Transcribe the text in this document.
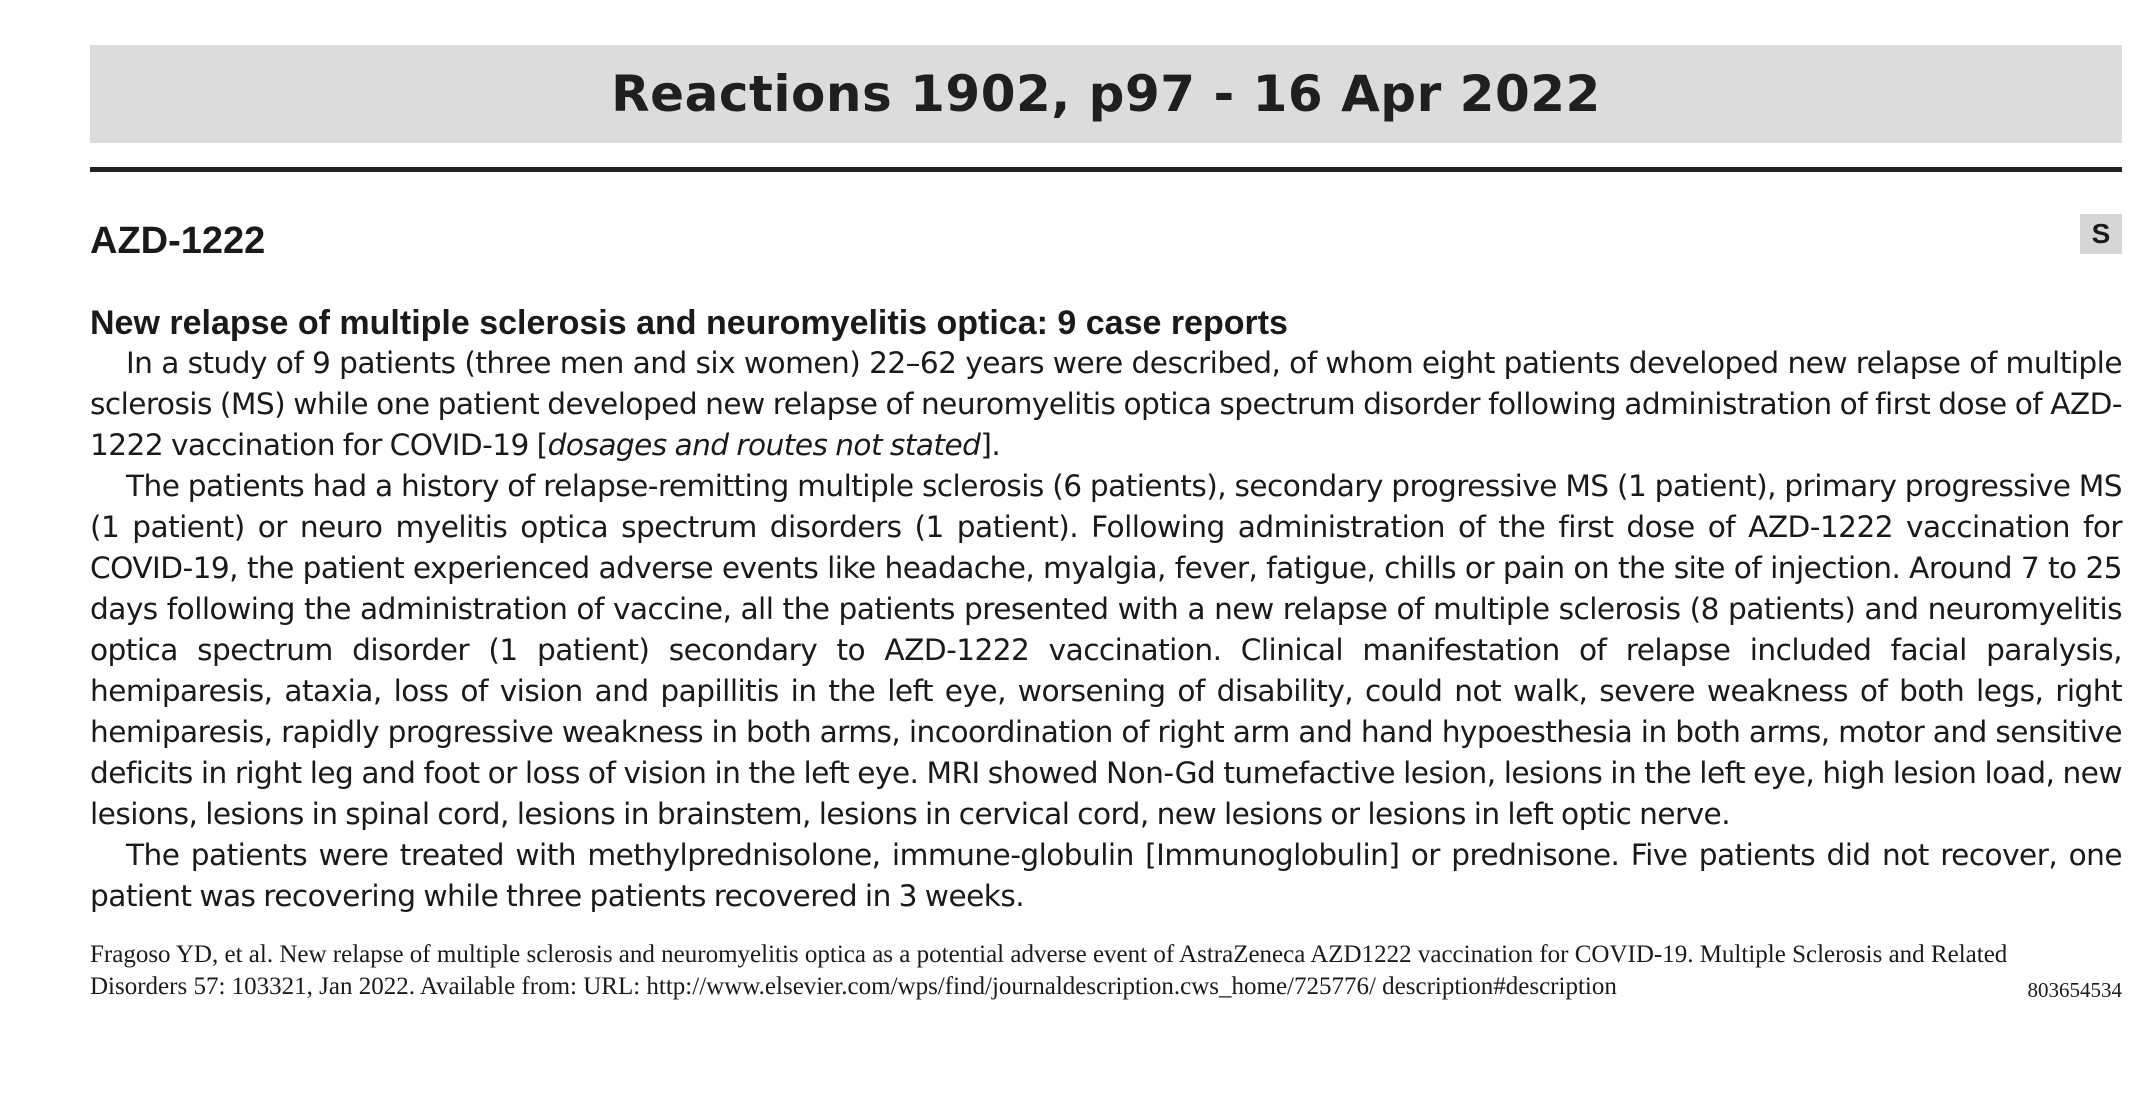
Reactions 1902, p97 - 16 Apr 2022
AZD-1222	S
New relapse of multiple sclerosis and neuromyelitis optica: 9 case reports

In a study of 9 patients (three men and six women) 22–62 years were described, of whom eight patients developed new relapse of multiple sclerosis (MS) while one patient developed new relapse of neuromyelitis optica spectrum disorder following administration of first dose of AZD-1222 vaccination for COVID-19 [dosages and routes not stated].

The patients had a history of relapse-remitting multiple sclerosis (6 patients), secondary progressive MS (1 patient), primary progressive MS (1 patient) or neuro myelitis optica spectrum disorders (1 patient). Following administration of the first dose of AZD-1222 vaccination for COVID-19, the patient experienced adverse events like headache, myalgia, fever, fatigue, chills or pain on the site of injection. Around 7 to 25 days following the administration of vaccine, all the patients presented with a new relapse of multiple sclerosis (8 patients) and neuromyelitis optica spectrum disorder (1 patient) secondary to AZD-1222 vaccination. Clinical manifestation of relapse included facial paralysis, hemiparesis, ataxia, loss of vision and papillitis in the left eye, worsening of disability, could not walk, severe weakness of both legs, right hemiparesis, rapidly progressive weakness in both arms, incoordination of right arm and hand hypoesthesia in both arms, motor and sensitive deficits in right leg and foot or loss of vision in the left eye. MRI showed Non-Gd tumefactive lesion, lesions in the left eye, high lesion load, new lesions, lesions in spinal cord, lesions in brainstem, lesions in cervical cord, new lesions or lesions in left optic nerve.

The patients were treated with methylprednisolone, immune-globulin [Immunoglobulin] or prednisone. Five patients did not recover, one patient was recovering while three patients recovered in 3 weeks.

Fragoso YD, et al. New relapse of multiple sclerosis and neuromyelitis optica as a potential adverse event of AstraZeneca AZD1222 vaccination for COVID-19. Multiple Sclerosis and Related Disorders 57: 103321, Jan 2022. Available from: URL: http://www.elsevier.com/wps/find/journaldescription.cws_home/725776/ description#description	803654534
